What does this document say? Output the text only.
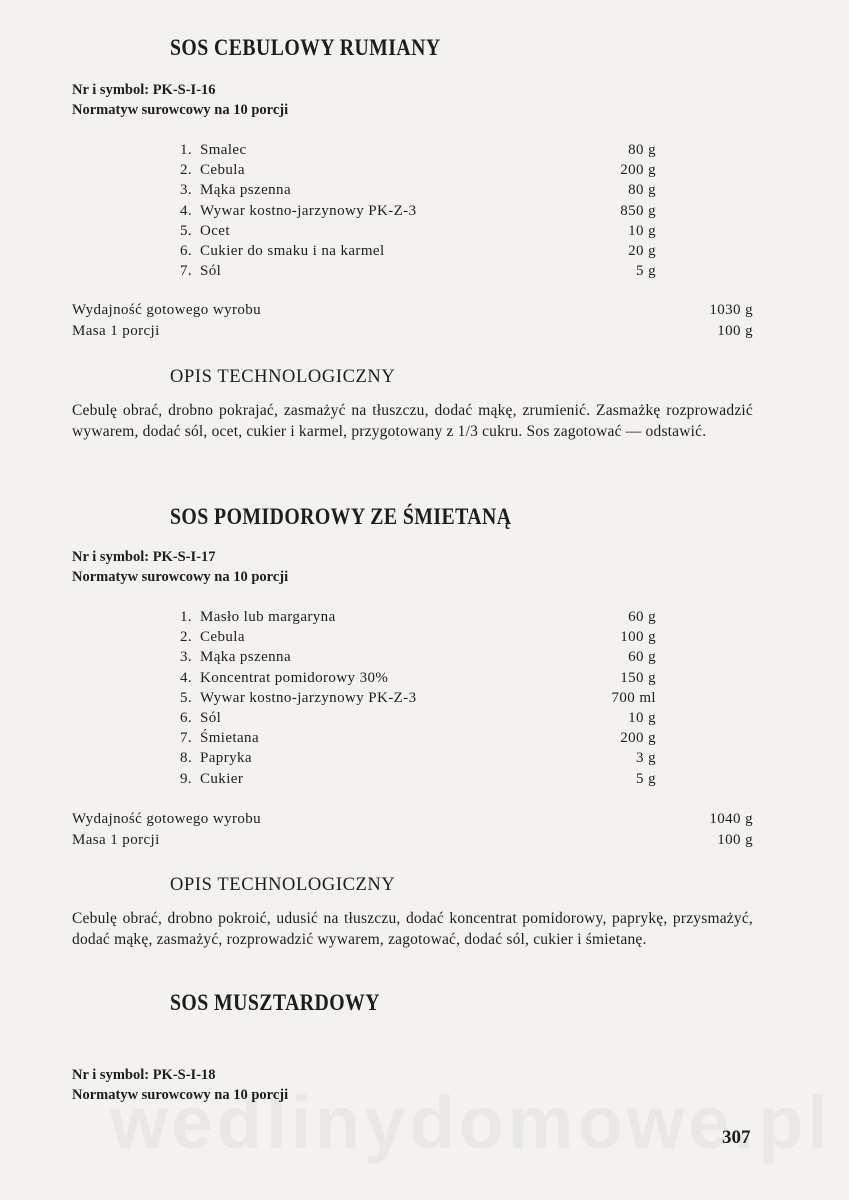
SOS CEBULOWY RUMIANY
Nr i symbol: PK-S-I-16
Normatyw surowcowy na 10 porcji
1. Smalec	80 g
2. Cebula	200 g
3. Mąka pszenna	80 g
4. Wywar kostno-jarzynowy PK-Z-3	850 g
5. Ocet	10 g
6. Cukier do smaku i na karmel	20 g
7. Sól	5 g
Wydajność gotowego wyrobu	1030 g
Masa 1 porcji	100 g
OPIS TECHNOLOGICZNY
Cebulę obrać, drobno pokrajać, zasmażyć na tłuszczu, dodać mąkę, zrumienić. Zasmażkę rozprowadzić wywarem, dodać sól, ocet, cukier i karmel, przygotowany z 1/3 cukru. Sos zagotować — odstawić.
SOS POMIDOROWY ZE ŚMIETANĄ
Nr i symbol: PK-S-I-17
Normatyw surowcowy na 10 porcji
1. Masło lub margaryna	60 g
2. Cebula	100 g
3. Mąka pszenna	60 g
4. Koncentrat pomidorowy 30%	150 g
5. Wywar kostno-jarzynowy PK-Z-3	700 ml
6. Sól	10 g
7. Śmietana	200 g
8. Papryka	3 g
9. Cukier	5 g
Wydajność gotowego wyrobu	1040 g
Masa 1 porcji	100 g
OPIS TECHNOLOGICZNY
Cebulę obrać, drobno pokroić, udusić na tłuszczu, dodać koncentrat pomidorowy, paprykę, przysmażyć, dodać mąkę, zasmażyć, rozprowadzić wywarem, zagotować, dodać sól, cukier i śmietanę.
SOS MUSZTARDOWY
Nr i symbol: PK-S-I-18
Normatyw surowcowy na 10 porcji
307
